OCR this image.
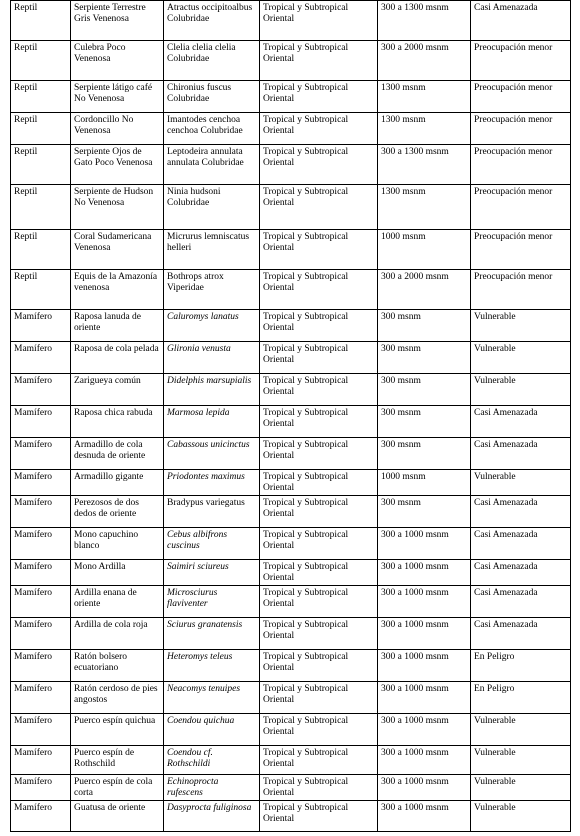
Reptil	Serpiente Terrestre Gris Venenosa	Atractus occipitoalbus Colubridae	Tropical y Subtropical Oriental	300 a 1300 msnm	Casi Amenazada
Reptil	Culebra Poco Venenosa	Clelia clelia clelia Colubridae	Tropical y Subtropical Oriental	300 a 2000 msnm	Preocupación menor
Reptil	Serpiente látigo café No Venenosa	Chironius fuscus Colubridae	Tropical y Subtropical Oriental	1300 msnm	Preocupación menor
Reptil	Cordoncillo No Venenosa	Imantodes cenchoa cenchoa Colubridae	Tropical y Subtropical Oriental	1300 msnm	Preocupación menor
Reptil	Serpiente Ojos de Gato Poco Venenosa	Leptodeira annulata annulata Colubridae	Tropical y Subtropical Oriental	300 a 1300 msnm	Preocupación menor
Reptil	Serpiente de Hudson No Venenosa	Ninia hudsoni Colubridae	Tropical y Subtropical Oriental	1300 msnm	Preocupación menor
Reptil	Coral Sudamericana Venenosa	Micrurus lemniscatus helleri	Tropical y Subtropical Oriental	1000 msnm	Preocupación menor
Reptil	Equis de la Amazonía venenosa	Bothrops atrox Viperidae	Tropical y Subtropical Oriental	300 a 2000 msnm	Preocupación menor
Mamífero	Raposa lanuda de oriente	Caluromys lanatus	Tropical y Subtropical Oriental	300 msnm	Vulnerable
Mamífero	Raposa de cola pelada	Glironia venusta	Tropical y Subtropical Oriental	300 msnm	Vulnerable
Mamífero	Zarigueya común	Didelphis marsupialis	Tropical y Subtropical Oriental	300 msnm	Vulnerable
Mamífero	Raposa chica rabuda	Marmosa lepida	Tropical y Subtropical Oriental	300 msnm	Casi Amenazada
Mamífero	Armadillo de cola desnuda de oriente	Cabassous unicinctus	Tropical y Subtropical Oriental	300 msnm	Casi Amenazada
Mamífero	Armadillo gigante	Priodontes maximus	Tropical y Subtropical Oriental	1000 msnm	Vulnerable
Mamífero	Perezosos de dos dedos de oriente	Bradypus variegatus	Tropical y Subtropical Oriental	300 msnm	Casi Amenazada
Mamífero	Mono capuchino blanco	Cebus albifrons cuscinus	Tropical y Subtropical Oriental	300 a 1000 msnm	Casi Amenazada
Mamífero	Mono Ardilla	Saimiri sciureus	Tropical y Subtropical Oriental	300 a 1000 msnm	Casi Amenazada
Mamífero	Ardilla enana de oriente	Microsciurus flaviventer	Tropical y Subtropical Oriental	300 a 1000 msnm	Casi Amenazada
Mamífero	Ardilla de cola roja	Sciurus granatensis	Tropical y Subtropical Oriental	300 a 1000 msnm	Casi Amenazada
Mamífero	Ratón bolsero ecuatoriano	Heteromys teleus	Tropical y Subtropical Oriental	300 a 1000 msnm	En Peligro
Mamífero	Ratón cerdoso de pies angostos	Neacomys tenuipes	Tropical y Subtropical Oriental	300 a 1000 msnm	En Peligro
Mamífero	Puerco espín quichua	Coendou quichua	Tropical y Subtropical Oriental	300 a 1000 msnm	Vulnerable
Mamífero	Puerco espín de Rothschild	Coendou cf. Rothschildi	Tropical y Subtropical Oriental	300 a 1000 msnm	Vulnerable
Mamífero	Puerco espín de cola corta	Echinoprocta rufescens	Tropical y Subtropical Oriental	300 a 1000 msnm	Vulnerable
Mamífero	Guatusa de oriente	Dasyprocta fuliginosa	Tropical y Subtropical Oriental	300 a 1000 msnm	Vulnerable
